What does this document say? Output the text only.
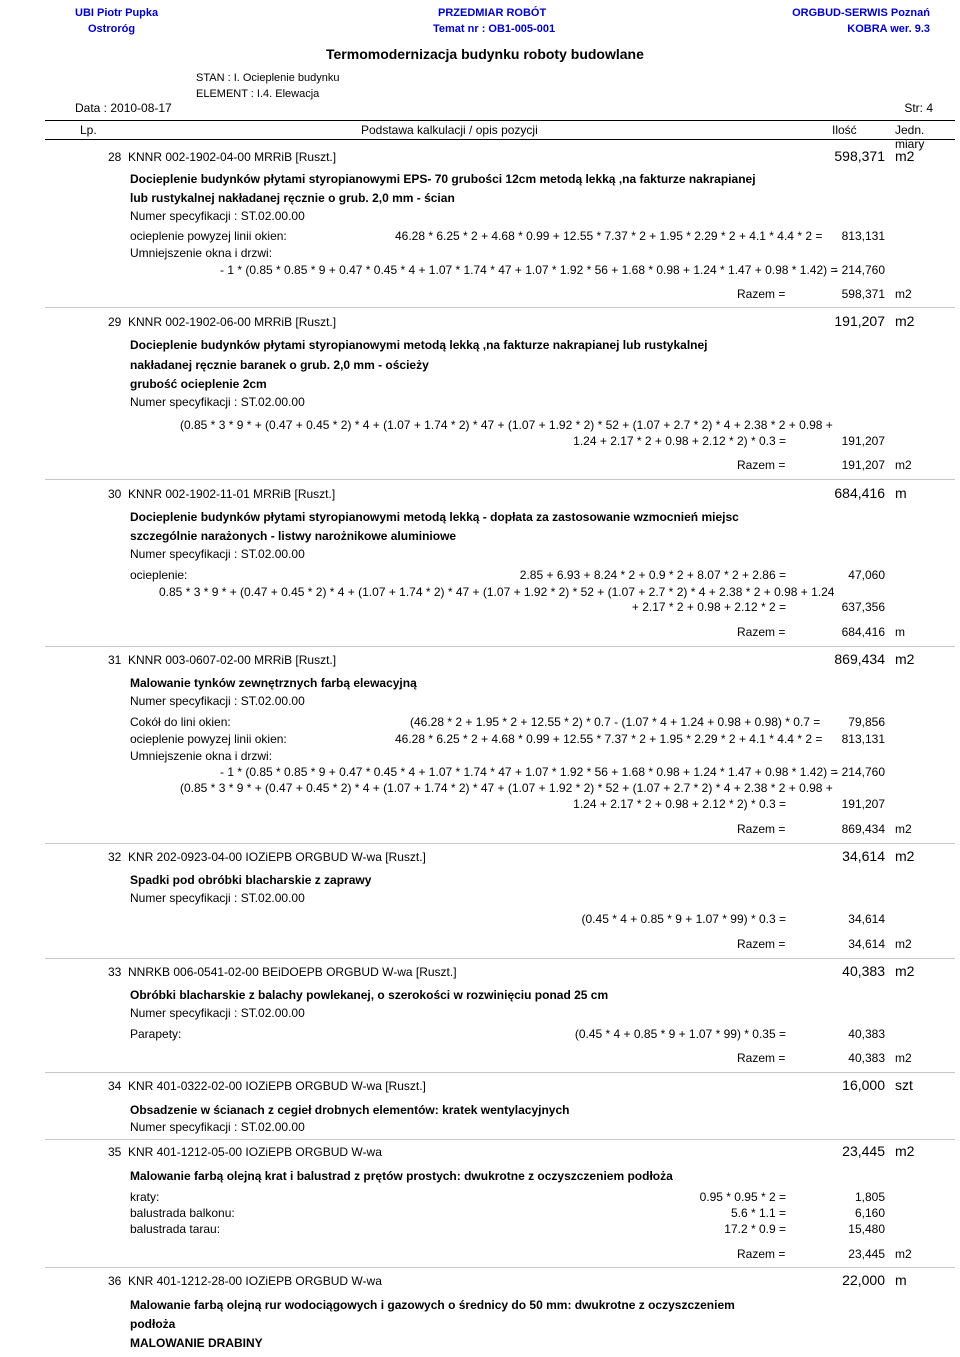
UBI Piotr Pupka
Ostroróg
PRZEDMIAR ROBÓT
Temat nr : OB1-005-001
ORGBUD-SERWIS Poznań
KOBRA wer. 9.3
Termomodernizacja budynku roboty budowlane
STAN : I. Ocieplenie budynku
ELEMENT : I.4. Elewacja
Data : 2010-08-17	Str: 4
Lp.	Podstawa kalkulacji / opis pozycji	Ilość	Jedn. miary
28 KNNR 002-1902-04-00 MRRiB [Ruszt.]	598,371 m2
Docieplenie budynków płytami styropianowymi EPS- 70 grubości 12cm metodą lekką ,na fakturze nakrapianej
lub rustykalnej nakładanej ręcznie o grub. 2,0 mm - ścian
Numer specyfikacji : ST.02.00.00
ocieplenie powyzej linii okien:	46.28 * 6.25 * 2 + 4.68 * 0.99 + 12.55 * 7.37 * 2 + 1.95 * 2.29 * 2 + 4.1 * 4.4 * 2 =	813,131
Umniejszenie okna i drzwi:
- 1 * (0.85 * 0.85 * 9 + 0.47 * 0.45 * 4 + 1.07 * 1.74 * 47 + 1.07 * 1.92 * 56 + 1.68 * 0.98 + 1.24 * 1.47 + 0.98 * 1.42) =
- 214,760
Razem =	598,371 m2
29 KNNR 002-1902-06-00 MRRiB [Ruszt.]	191,207 m2
Docieplenie budynków płytami styropianowymi metodą lekką ,na fakturze nakrapianej lub rustykalnej
nakładanej ręcznie baranek o grub. 2,0 mm - ościeży
grubość ocieplenie 2cm
Numer specyfikacji : ST.02.00.00
(0.85 * 3 * 9 * + (0.47 + 0.45 * 2) * 4 + (1.07 + 1.74 * 2) * 47 + (1.07 + 1.92 * 2) * 52 + (1.07 + 2.7 * 2) * 4 + 2.38 * 2 + 0.98 +
1.24 + 2.17 * 2 + 0.98 + 2.12 * 2) * 0.3 =	191,207
Razem =	191,207 m2
30 KNNR 002-1902-11-01 MRRiB [Ruszt.]	684,416 m
Docieplenie budynków płytami styropianowymi metodą lekką - dopłata za zastosowanie wzmocnień miejsc
szczególnie narażonych - listwy narożnikowe aluminiowe
Numer specyfikacji : ST.02.00.00
ocieplenie:	2.85 + 6.93 + 8.24 * 2 + 0.9 * 2 + 8.07 * 2 + 2.86 =	47,060
0.85 * 3 * 9 * + (0.47 + 0.45 * 2) * 4 + (1.07 + 1.74 * 2) * 47 + (1.07 + 1.92 * 2) * 52 + (1.07 + 2.7 * 2) * 4 + 2.38 * 2 + 0.98 + 1.24
+ 2.17 * 2 + 0.98 + 2.12 * 2 =	637,356
Razem =	684,416 m
31 KNNR 003-0607-02-00 MRRiB [Ruszt.]	869,434 m2
Malowanie tynków zewnętrznych farbą elewacyjną
Numer specyfikacji : ST.02.00.00
Cokół do lini okien:	(46.28 * 2 + 1.95 * 2 + 12.55 * 2) * 0.7 - (1.07 * 4 + 1.24 + 0.98 + 0.98) * 0.7 =	79,856
ocieplenie powyzej linii okien:	46.28 * 6.25 * 2 + 4.68 * 0.99 + 12.55 * 7.37 * 2 + 1.95 * 2.29 * 2 + 4.1 * 4.4 * 2 =	813,131
Umniejszenie okna i drzwi:
- 1 * (0.85 * 0.85 * 9 + 0.47 * 0.45 * 4 + 1.07 * 1.74 * 47 + 1.07 * 1.92 * 56 + 1.68 * 0.98 + 1.24 * 1.47 + 0.98 * 1.42) =
- 214,760
(0.85 * 3 * 9 * + (0.47 + 0.45 * 2) * 4 + (1.07 + 1.74 * 2) * 47 + (1.07 + 1.92 * 2) * 52 + (1.07 + 2.7 * 2) * 4 + 2.38 * 2 + 0.98 +
1.24 + 2.17 * 2 + 0.98 + 2.12 * 2) * 0.3 =	191,207
Razem =	869,434 m2
32 KNR 202-0923-04-00 IOZiEPB ORGBUD W-wa [Ruszt.]	34,614 m2
Spadki pod obróbki blacharskie z zaprawy
Numer specyfikacji : ST.02.00.00
(0.45 * 4 + 0.85 * 9 + 1.07 * 99) * 0.3 =	34,614
Razem =	34,614 m2
33 NNRKB 006-0541-02-00 BEiDOEPB ORGBUD W-wa [Ruszt.]	40,383 m2
Obróbki blacharskie z balachy powlekanej, o szerokości w rozwinięciu ponad 25 cm
Numer specyfikacji : ST.02.00.00
Parapety:	(0.45 * 4 + 0.85 * 9 + 1.07 * 99) * 0.35 =	40,383
Razem =	40,383 m2
34 KNR 401-0322-02-00 IOZiEPB ORGBUD W-wa [Ruszt.]	16,000 szt
Obsadzenie w ścianach z cegieł drobnych elementów: kratek wentylacyjnych
Numer specyfikacji : ST.02.00.00
35 KNR 401-1212-05-00 IOZiEPB ORGBUD W-wa	23,445 m2
Malowanie farbą olejną krat i balustrad z prętów prostych: dwukrotne z oczyszczeniem podłoża
kraty:	0.95 * 0.95 * 2 =	1,805
balustrada balkonu:	5.6 * 1.1 =	6,160
balustrada tarau:	17.2 * 0.9 =	15,480
Razem =	23,445 m2
36 KNR 401-1212-28-00 IOZiEPB ORGBUD W-wa	22,000 m
Malowanie farbą olejną rur wodociągowych i gazowych o średnicy do 50 mm: dwukrotne z oczyszczeniem
podłoża
MALOWANIE DRABINY
